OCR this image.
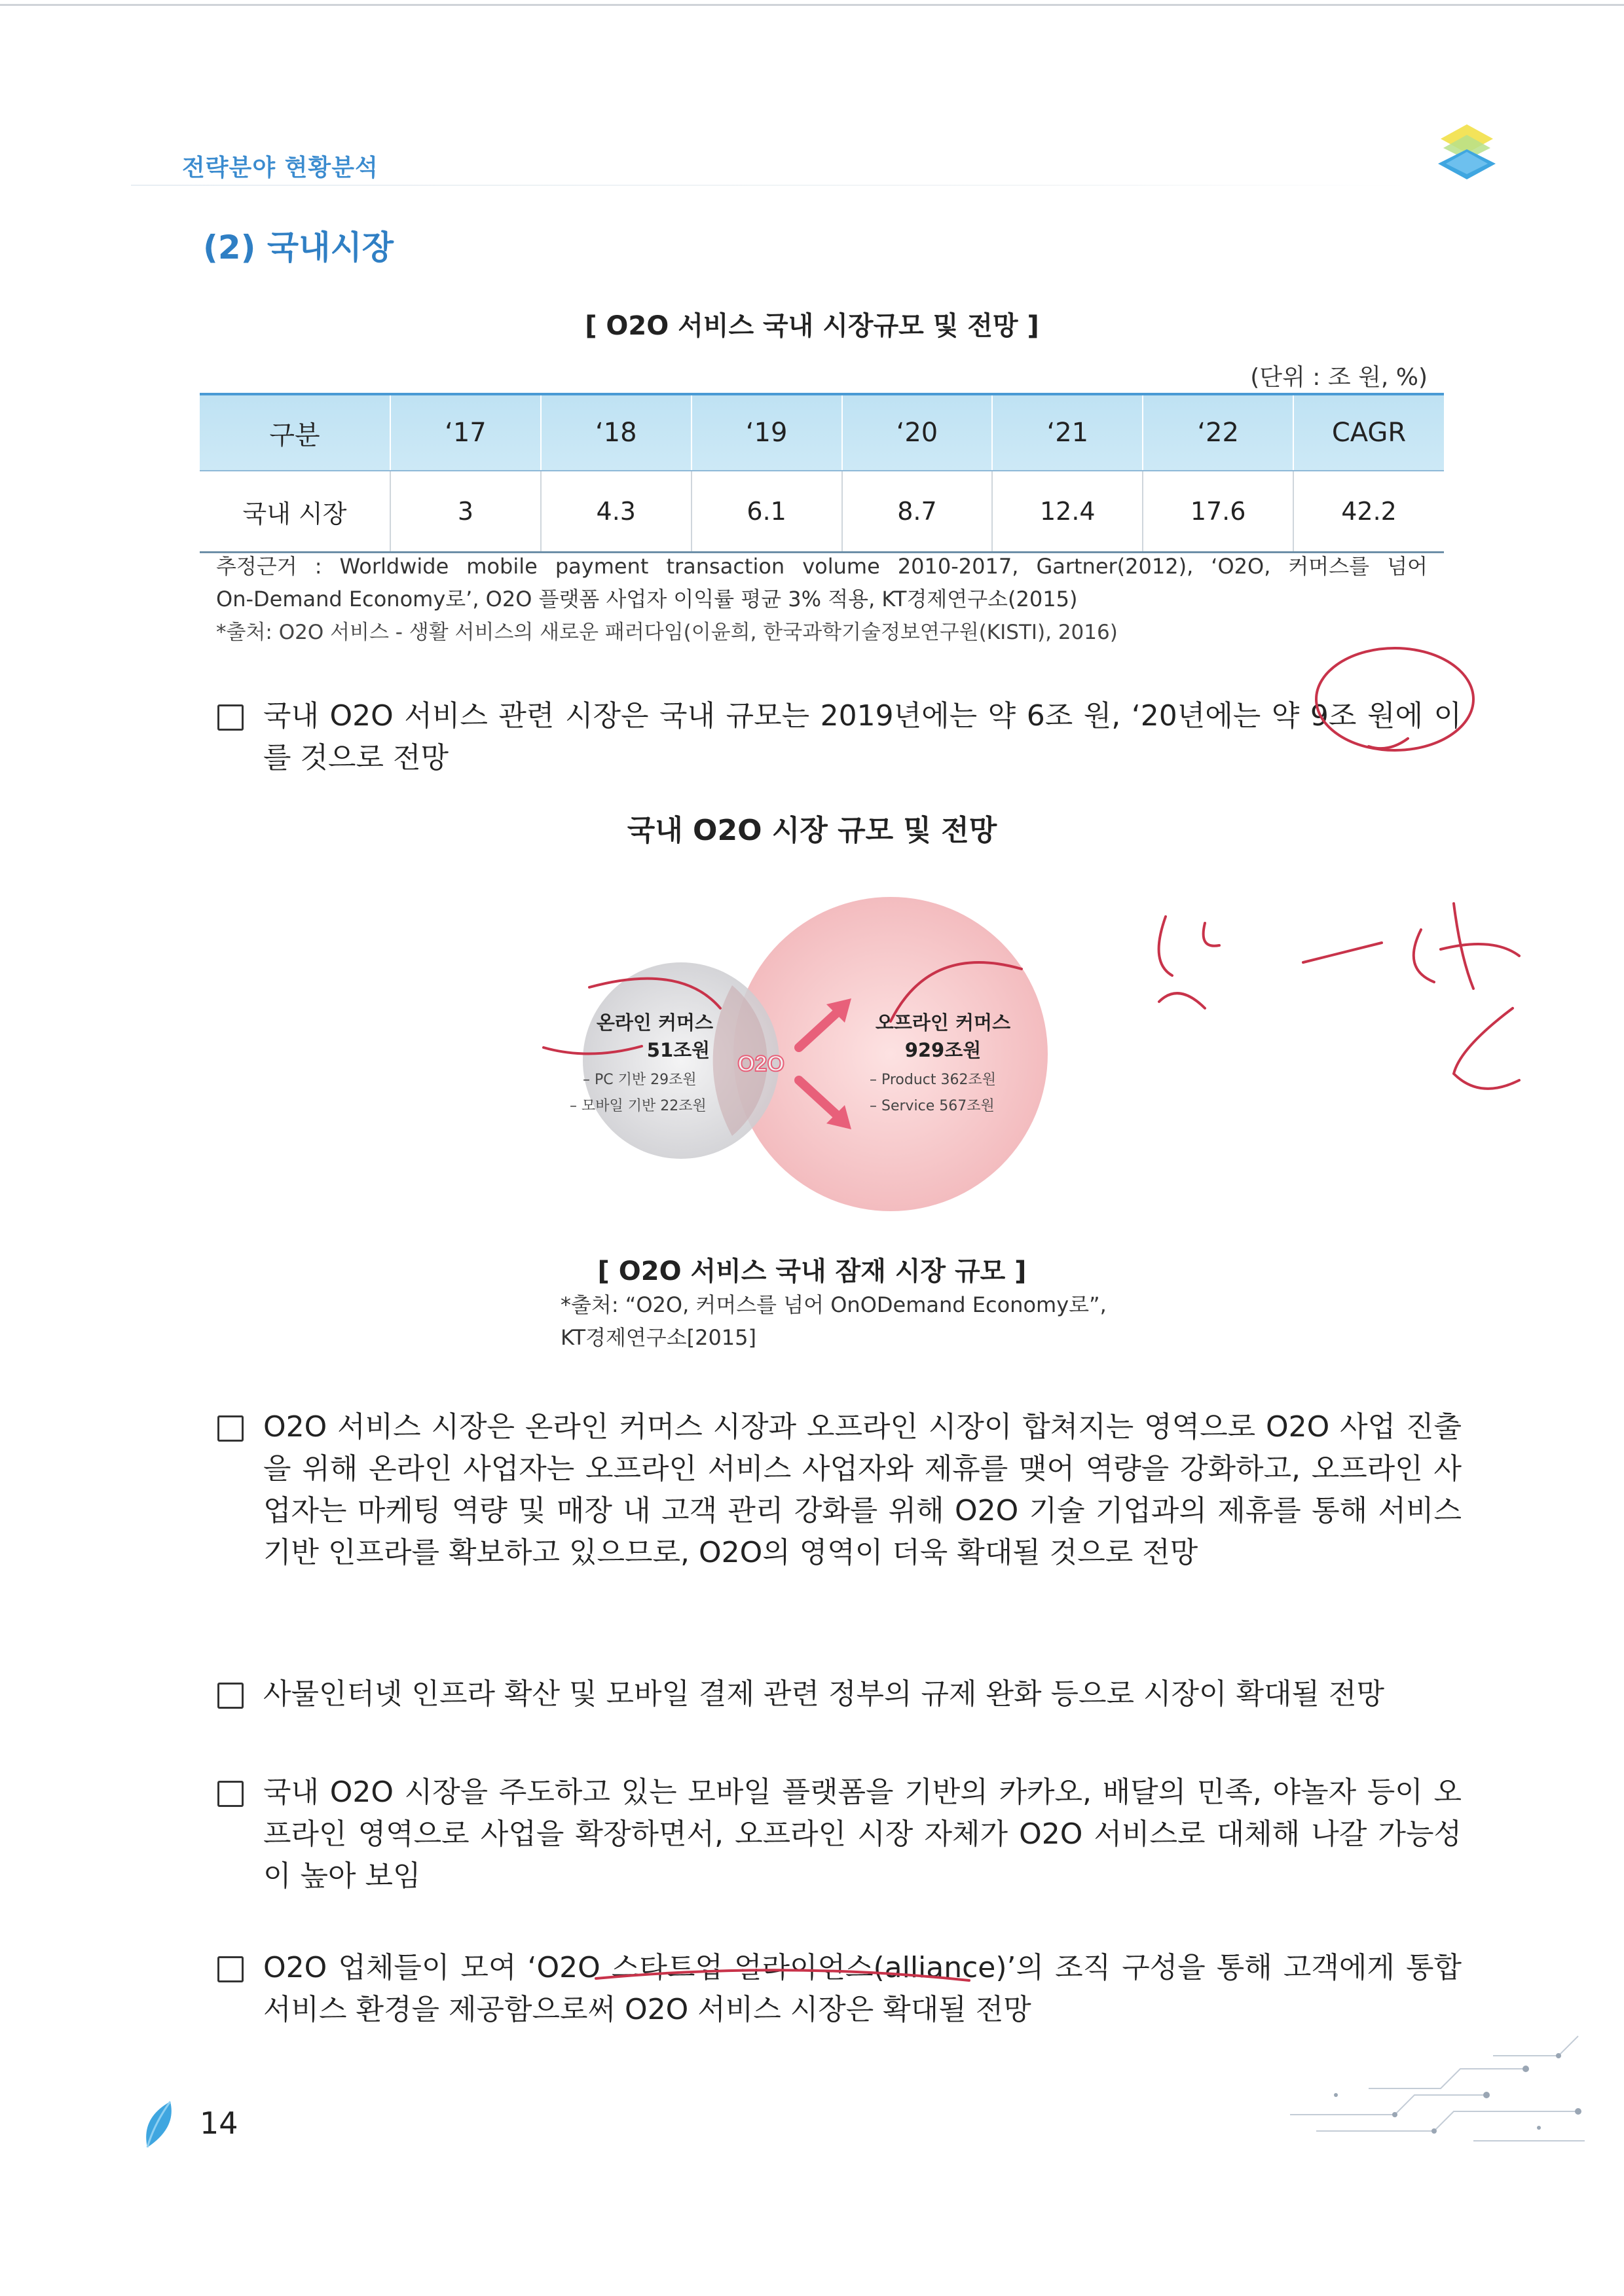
전략분야 현황분석
(2) 국내시장
[ O2O 서비스 국내 시장규모 및 전망 ]
(단위 : 조 원, %)
구분	‘17	‘18	‘19	‘20	‘21	‘22	CAGR
국내 시장	3	4.3	6.1	8.7	12.4	17.6	42.2
추정근거 : Worldwide mobile payment transaction volume 2010-2017, Gartner(2012), ‘O2O, 커머스를 넘어
On-Demand Economy로’, O2O 플랫폼 사업자 이익률 평균 3% 적용, KT경제연구소(2015)
*출처: O2O 서비스 - 생활 서비스의 새로운 패러다임(이윤희, 한국과학기술정보연구원(KISTI), 2016)
국내 O2O 서비스 관련 시장은 국내 규모는 2019년에는 약 6조 원, ‘20년에는 약 9조 원에 이를 것으로 전망
국내 O2O 시장 규모 및 전망
O2O
온라인 커머스
51조원
– PC 기반 29조원
– 모바일 기반 22조원
오프라인 커머스
929조원
– Product 362조원
– Service 567조원
[ O2O 서비스 국내 잠재 시장 규모 ]
*출처: “O2O, 커머스를 넘어 OnODemand Economy로”,
KT경제연구소[2015]
O2O 서비스 시장은 온라인 커머스 시장과 오프라인 시장이 합쳐지는 영역으로 O2O 사업 진출을 위해 온라인 사업자는 오프라인 서비스 사업자와 제휴를 맺어 역량을 강화하고, 오프라인 사업자는 마케팅 역량 및 매장 내 고객 관리 강화를 위해 O2O 기술 기업과의 제휴를 통해 서비스 기반 인프라를 확보하고 있으므로, O2O의 영역이 더욱 확대될 것으로 전망
사물인터넷 인프라 확산 및 모바일 결제 관련 정부의 규제 완화 등으로 시장이 확대될 전망
국내 O2O 시장을 주도하고 있는 모바일 플랫폼을 기반의 카카오, 배달의 민족, 야놀자 등이 오프라인 영역으로 사업을 확장하면서, 오프라인 시장 자체가 O2O 서비스로 대체해 나갈 가능성이 높아 보임
O2O 업체들이 모여 ‘O2O 스타트업 얼라이언스(alliance)’의 조직 구성을 통해 고객에게 통합 서비스 환경을 제공함으로써 O2O 서비스 시장은 확대될 전망
14
